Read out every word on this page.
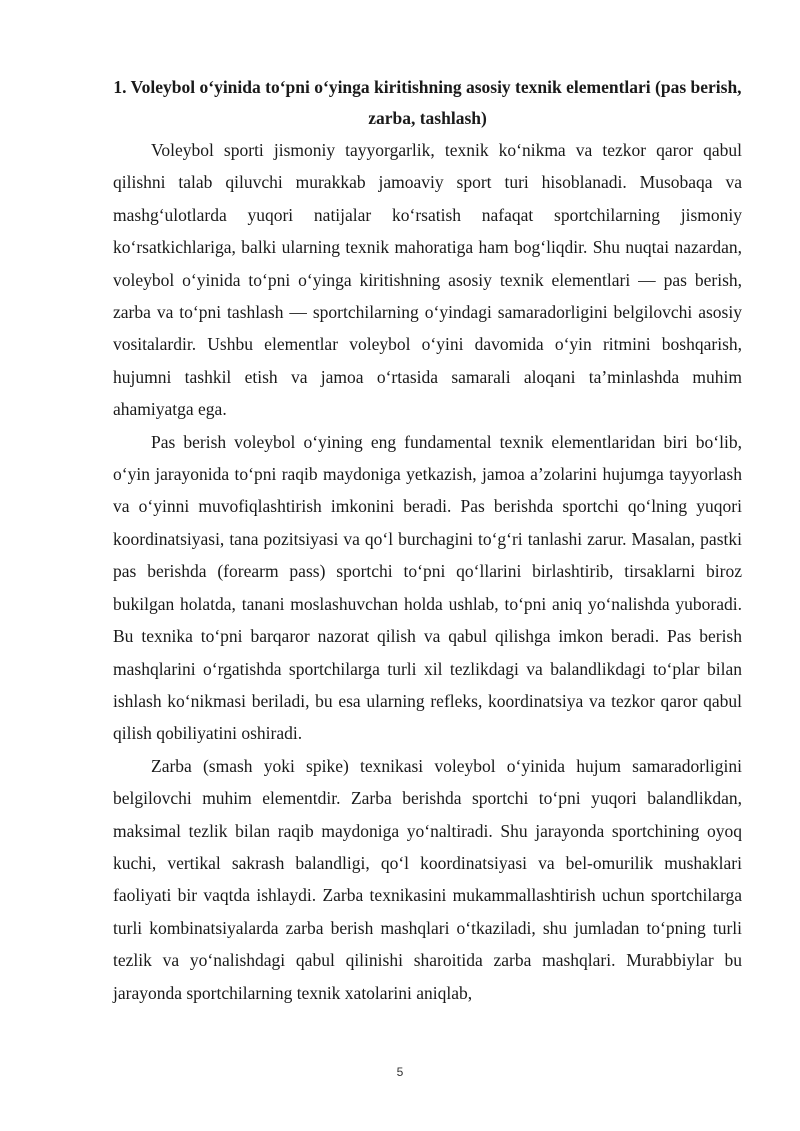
1. Voleybol o‘yinida to‘pni o‘yinga kiritishning asosiy texnik elementlari (pas berish, zarba, tashlash)

Voleybol sporti jismoniy tayyorgarlik, texnik ko‘nikma va tezkor qaror qabul qilishni talab qiluvchi murakkab jamoaviy sport turi hisoblanadi. Musobaqa va mashg‘ulotlarda yuqori natijalar ko‘rsatish nafaqat sportchilarning jismoniy ko‘rsatkichlariga, balki ularning texnik mahoratiga ham bog‘liqdir. Shu nuqtai nazardan, voleybol o‘yinida to‘pni o‘yinga kiritishning asosiy texnik elementlari — pas berish, zarba va to‘pni tashlash — sportchilarning o‘yindagi samaradorligini belgilovchi asosiy vositalardir. Ushbu elementlar voleybol o‘yini davomida o‘yin ritmini boshqarish, hujumni tashkil etish va jamoa o‘rtasida samarali aloqani ta’minlashda muhim ahamiyatga ega.

Pas berish voleybol o‘yining eng fundamental texnik elementlaridan biri bo‘lib, o‘yin jarayonida to‘pni raqib maydoniga yetkazish, jamoa a’zolarini hujumga tayyorlash va o‘yinni muvofiqlashtirish imkonini beradi. Pas berishda sportchi qo‘lning yuqori koordinatsiyasi, tana pozitsiyasi va qo‘l burchagini to‘g‘ri tanlashi zarur. Masalan, pastki pas berishda (forearm pass) sportchi to‘pni qo‘llarini birlashtirib, tirsaklarni biroz bukilgan holatda, tanani moslashuvchan holda ushlab, to‘pni aniq yo‘nalishda yuboradi. Bu texnika to‘pni barqaror nazorat qilish va qabul qilishga imkon beradi. Pas berish mashqlarini o‘rgatishda sportchilarga turli xil tezlikdagi va balandlikdagi to‘plar bilan ishlash ko‘nikmasi beriladi, bu esa ularning refleks, koordinatsiya va tezkor qaror qabul qilish qobiliyatini oshiradi.

Zarba (smash yoki spike) texnikasi voleybol o‘yinida hujum samaradorligini belgilovchi muhim elementdir. Zarba berishda sportchi to‘pni yuqori balandlikdan, maksimal tezlik bilan raqib maydoniga yo‘naltiradi. Shu jarayonda sportchining oyoq kuchi, vertikal sakrash balandligi, qo‘l koordinatsiyasi va bel-omurilik mushaklari faoliyati bir vaqtda ishlaydi. Zarba texnikasini mukammallashtirish uchun sportchilarga turli kombinatsiyalarda zarba berish mashqlari o‘tkaziladi, shu jumladan to‘pning turli tezlik va yo‘nalishdagi qabul qilinishi sharoitida zarba mashqlari. Murabbiylar bu jarayonda sportchilarning texnik xatolarini aniqlab,

5
